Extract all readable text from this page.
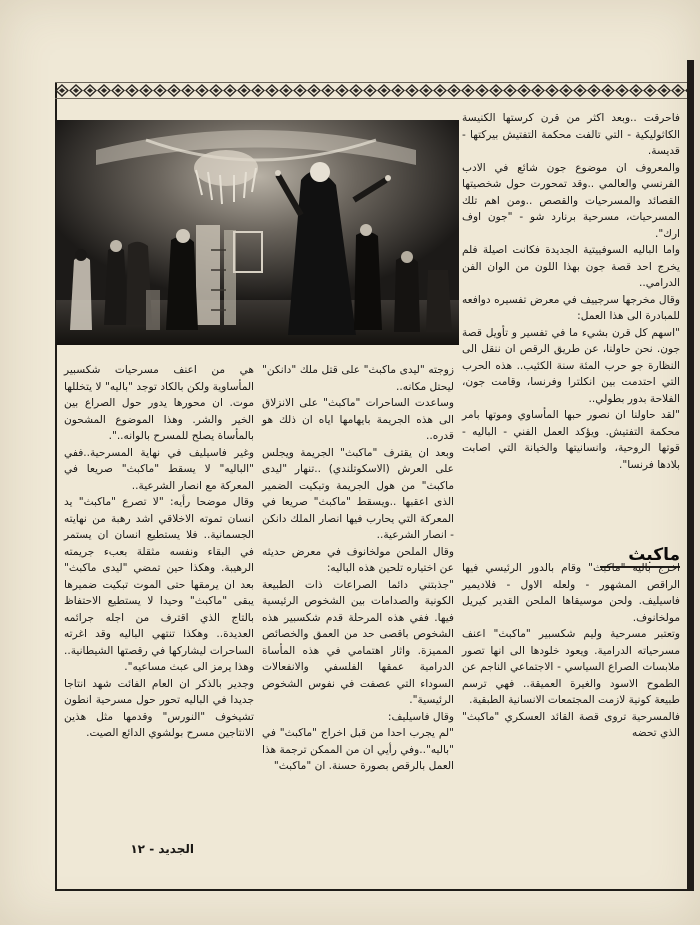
فاحرقت ..وبعد اكثر من قرن كرستها الكنيسة الكاثوليكية - التي تالفت محكمة التفتيش بيركتها - قديسة.
والمعروف ان موضوع جون شائع في الادب الفرنسي والعالمي ..وقد تمحورت حول شخصيتها القصائد والمسرحيات والقصص ..ومن اهم تلك المسرحيات، مسرحية برنارد شو - "جون اوف ارك".
واما الباليه السوفييتية الجديدة فكانت اصيلة فلم يخرج احد قصة جون بهذا اللون من الوان الفن الدرامي..
وقال مخرجها سرجييف في معرض تفسيره دوافعه للمبادرة الى هذا العمل:
"اسهم كل قرن بشيء ما في تفسير و تأويل قصة جون. نحن حاولنا، عن طريق الرقص ان ننقل الى النظارة جو حرب المئة سنة الكئيب.. هذه الحرب التي احتدمت بين انكلترا وفرنسا، وقامت جون، الفلاحة بدور بطولي..
"لقد حاولنا ان نصور حبها المأساوي وموتها بامر محكمة التفتيش. ويؤكد العمل الفني - الباليه - قوتها الروحية، وانسانيتها والخيانة التي اصابت بلادها فرنسا".
ماكبث
اخرج باليه "ماكبث" وقام بالدور الرئيسي فيها الراقص المشهور - ولعله الاول - فلاديمير فاسيليف. ولحن موسيقاها الملحن القدير كيريل مولخانوف.
وتعتبر مسرحية وليم شكسبير "ماكبث" اعنف مسرحياته الدرامية. ويعود خلودها الى انها تصور ملابسات الصراع السياسي - الاجتماعي الناجم عن الطموح الاسود والغيرة العميقة.. فهي ترسم طبيعة كونية لازمت المجتمعات الانسانية الطبقية.
فالمسرحية تروى قصة القائد العسكري "ماكبث" الذي تحضه
زوجته "ليدى ماكبث" على قتل ملك "دانكن" ليحتل مكانه..
وساعدت الساحرات "ماكبث" على الانزلاق الى هذه الجريمة بايهامها اياه ان ذلك هو قدره..
وبعد ان يقترف "ماكبث" الجريمة ويجلس على العرش (الاسكوتلندي) ..تنهار "ليدى ماكبث" من هول الجريمة وتبكيت الضمير الذى اعقبها ..ويسقط "ماكبث" صريعا في المعركة التي يحارب فيها انصار الملك دانكن - انصار الشرعية..
وقال الملحن مولخانوف في معرض حديثه عن اختياره تلحين هذه الباليه:
"جذبتني دائما الصراعات ذات الطبيعة الكونية والصدامات بين الشخوص الرئيسية فيها. ففي هذه المرحلة قدم شكسبير هذه الشخوص باقصى حد من العمق والخصائص المميزة. واثار اهتمامي في هذه المأساة الدرامية عمقها الفلسفي والانفعالات السوداء التي عصفت في نفوس الشخوص الرئيسية".
وقال فاسيليف:
"لم يجرب احدا من قبل اخراج "ماكبث" في "باليه"..وفي رأيي ان من الممكن ترجمة هذا العمل بالرقص بصورة حسنة. ان "ماكبث"
هي من اعنف مسرحيات شكسبير المأساوية ولكن بالكاد توجد "باليه" لا يتخللها موت. ان محورها يدور حول الصراع بين الخير والشر. وهذا الموضوع المشحون بالمأساة يصلح للمسرح بالوانه..".
وغير فاسيليف في نهاية المسرحية..ففي "الباليه" لا يسقط "ماكبث" صريعا في المعركة مع انصار الشرعية..
وقال موضحا رأيه: "لا تصرع "ماكبث" يد انسان تموته الاخلاقي اشد رهبة من نهايته الجسمانية.. فلا يستطيع انسان ان يستمر في البقاء ونفسه مثقلة بعبء جريمته الرهيبة. وهكذا حين تمضي "ليدى ماكبث" بعد ان يرمقها حتى الموت تبكيت ضميرها يبقى "ماكبث" وحيدا لا يستطيع الاحتفاظ بالتاج الذي اقترف من اجله جرائمه العديدة.. وهكذا تنتهي الباليه وقد اغرته الساحرات ليشاركها في رقصتها الشيطانية.. وهذا يرمز الى عبث مساعيه".
وجدير بالذكر ان العام الفائت شهد انتاجا جديدا في الباليه تحور حول مسرحية انطون تشيخوف "النورس" وقدمها مثل هذين الانتاجين مسرح بولشوي الدائع الصيت.
الجديد - ١٢
